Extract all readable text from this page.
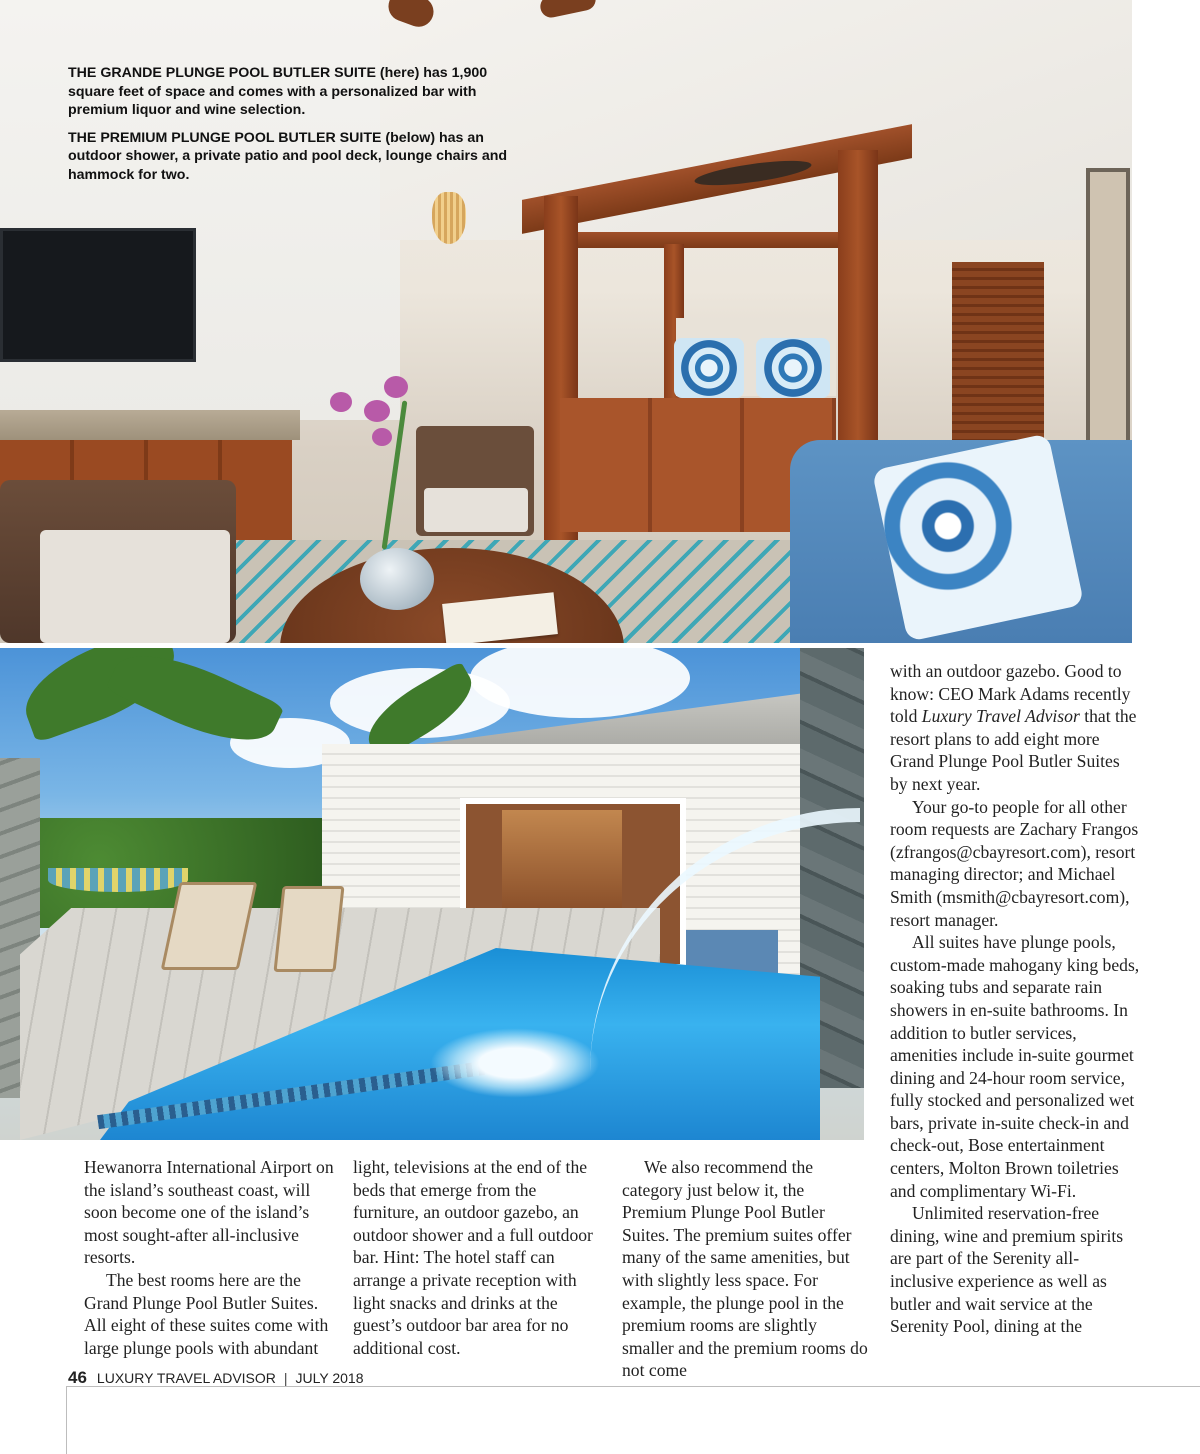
THE GRANDE PLUNGE POOL BUTLER SUITE (here) has 1,900 square feet of space and comes with a personalized bar with premium liquor and wine selection.

THE PREMIUM PLUNGE POOL BUTLER SUITE (below) has an outdoor shower, a private patio and pool deck, lounge chairs and hammock for two.

Hewanorra International Airport on the island’s southeast coast, will soon become one of the island’s most sought-after all-inclusive resorts.

The best rooms here are the Grand Plunge Pool Butler Suites. All eight of these suites come with large plunge pools with abundant

light, televisions at the end of the beds that emerge from the furniture, an outdoor gazebo, an outdoor shower and a full outdoor bar. Hint: The hotel staff can arrange a private reception with light snacks and drinks at the guest’s outdoor bar area for no additional cost.

We also recommend the category just below it, the Premium Plunge Pool Butler Suites. The premium suites offer many of the same amenities, but with slightly less space. For example, the plunge pool in the premium rooms are slightly smaller and the premium rooms do not come

with an outdoor gazebo. Good to know: CEO Mark Adams recently told Luxury Travel Advisor that the resort plans to add eight more Grand Plunge Pool Butler Suites by next year.

Your go-to people for all other room requests are Zachary Frangos (zfrangos@cbayresort.com), resort managing director; and Michael Smith (msmith@cbayresort.com), resort manager.

All suites have plunge pools, custom-made mahogany king beds, soaking tubs and separate rain showers in en-suite bathrooms. In addition to butler services, amenities include in-suite gourmet dining and 24-hour room service, fully stocked and personalized wet bars, private in-suite check-in and check-out, Bose entertainment centers, Molton Brown toiletries and complimentary Wi-Fi.

Unlimited reservation-free dining, wine and premium spirits are part of the Serenity all-inclusive experience as well as butler and wait service at the Serenity Pool, dining at the

46 LUXURY TRAVEL ADVISOR | JULY 2018
